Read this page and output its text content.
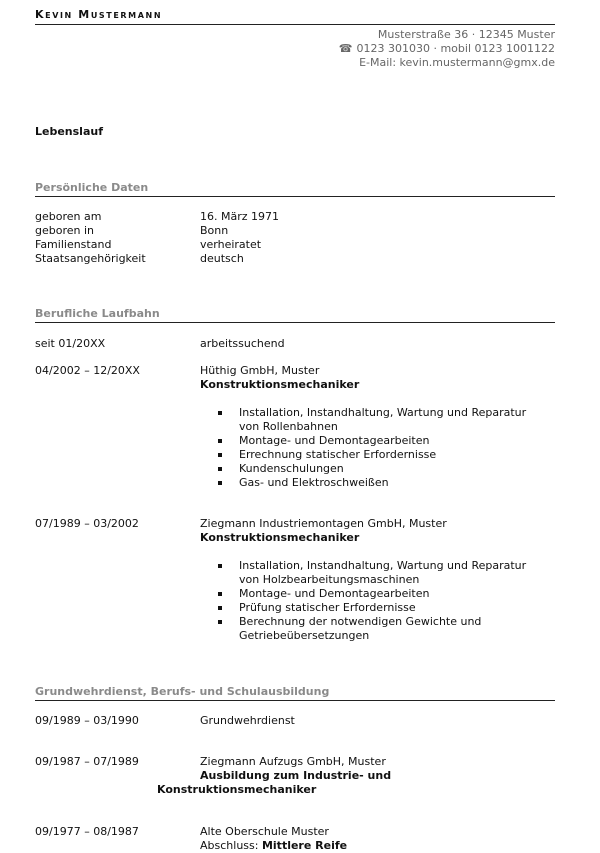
Kevin Mustermann
Musterstraße 36 · 12345 Muster
☎ 0123 301030 · mobil 0123 1001122
E-Mail: kevin.mustermann@gmx.de
Lebenslauf
Persönliche Daten
geboren am	16. März 1971
geboren in	Bonn
Familienstand	verheiratet
Staatsangehörigkeit	deutsch
Berufliche Laufbahn
seit 01/20XX	arbeitssuchend
04/2002 – 12/20XX	Hüthig GmbH, Muster
Konstruktionsmechaniker
Installation, Instandhaltung, Wartung und Reparatur von Rollenbahnen
Montage- und Demontagearbeiten
Errechnung statischer Erfordernisse
Kundenschulungen
Gas- und Elektroschweißen
07/1989 – 03/2002	Ziegmann Industriemontagen GmbH, Muster
Konstruktionsmechaniker
Installation, Instandhaltung, Wartung und Reparatur von Holzbearbeitungsmaschinen
Montage- und Demontagearbeiten
Prüfung statischer Erfordernisse
Berechnung der notwendigen Gewichte und Getriebeübersetzungen
Grundwehrdienst, Berufs- und Schulausbildung
09/1989 – 03/1990	Grundwehrdienst
09/1987 – 07/1989	Ziegmann Aufzugs GmbH, Muster
Ausbildung zum Industrie- und
Konstruktionsmechaniker
09/1977 – 08/1987	Alte Oberschule Muster
Abschluss: Mittlere Reife
